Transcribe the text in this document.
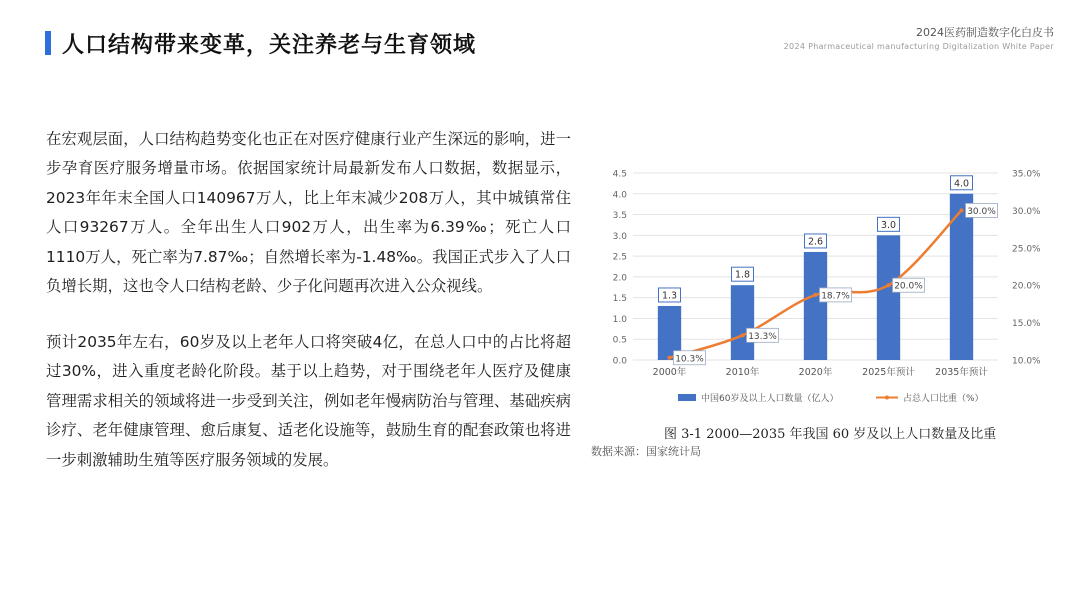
人口结构带来变革，关注养老与生育领域
2024医药制造数字化白皮书
2024 Pharmaceutical manufacturing Digitalization White Paper

在宏观层面，人口结构趋势变化也正在对医疗健康行业产生深远的影响，进一步孕育医疗服务增量市场。依据国家统计局最新发布人口数据，数据显示，2023年年末全国人口140967万人，比上年末减少208万人，其中城镇常住人口93267万人。全年出生人口902万人，出生率为6.39‰；死亡人口1110万人，死亡率为7.87‰；自然增长率为-1.48‰。我国正式步入了人口负增长期，这也令人口结构老龄、少子化问题再次进入公众视线。

预计2035年左右，60岁及以上老年人口将突破4亿，在总人口中的占比将超过30%，进入重度老龄化阶段。基于以上趋势，对于围绕老年人医疗及健康管理需求相关的领域将进一步受到关注，例如老年慢病防治与管理、基础疾病诊疗、老年健康管理、愈后康复、适老化设施等，鼓励生育的配套政策也将进一步刺激辅助生殖等医疗服务领域的发展。

0.0
0.5
1.0
1.5
2.0
2.5
3.0
3.5
4.0
4.5
10.0%
15.0%
20.0%
25.0%
30.0%
35.0%
1.3
1.8
2.6
3.0
4.0
10.3%
13.3%
18.7%
20.0%
30.0%
2000年	2010年	2020年	2025年预计 2035年预计
中国60岁及以上人口数量（亿人）	占总人口比重（%）
图 3-1 2000—2035 年我国 60 岁及以上人口数量及比重
数据来源：国家统计局
